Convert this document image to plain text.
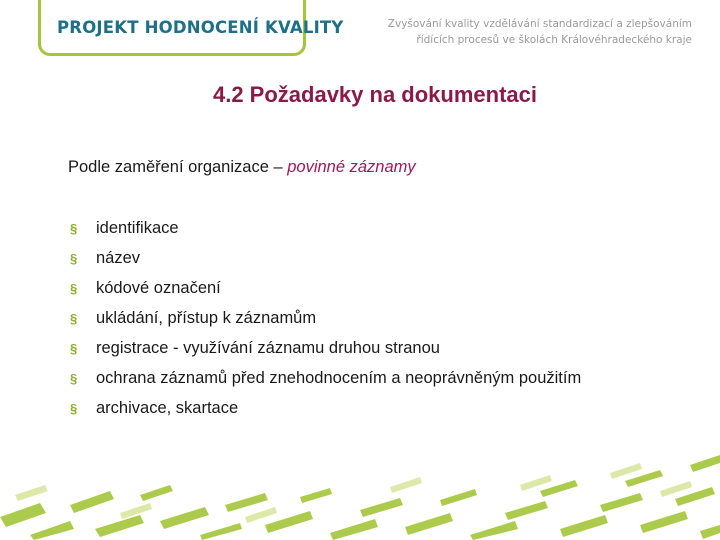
PROJEKT HODNOCENÍ KVALITY	Zvyšování kvality vzdělávání standardizací a zlepšováním
řídících procesů ve školách Královéhradeckého kraje
4.2 Požadavky na dokumentaci
Podle zaměření organizace – povinné záznamy
§ identifikace
§ název
§ kódové označení
§ ukládání, přístup k záznamům
§ registrace - využívání záznamu druhou stranou
§ ochrana záznamů před znehodnocením a neoprávněným použitím
§ archivace, skartace
